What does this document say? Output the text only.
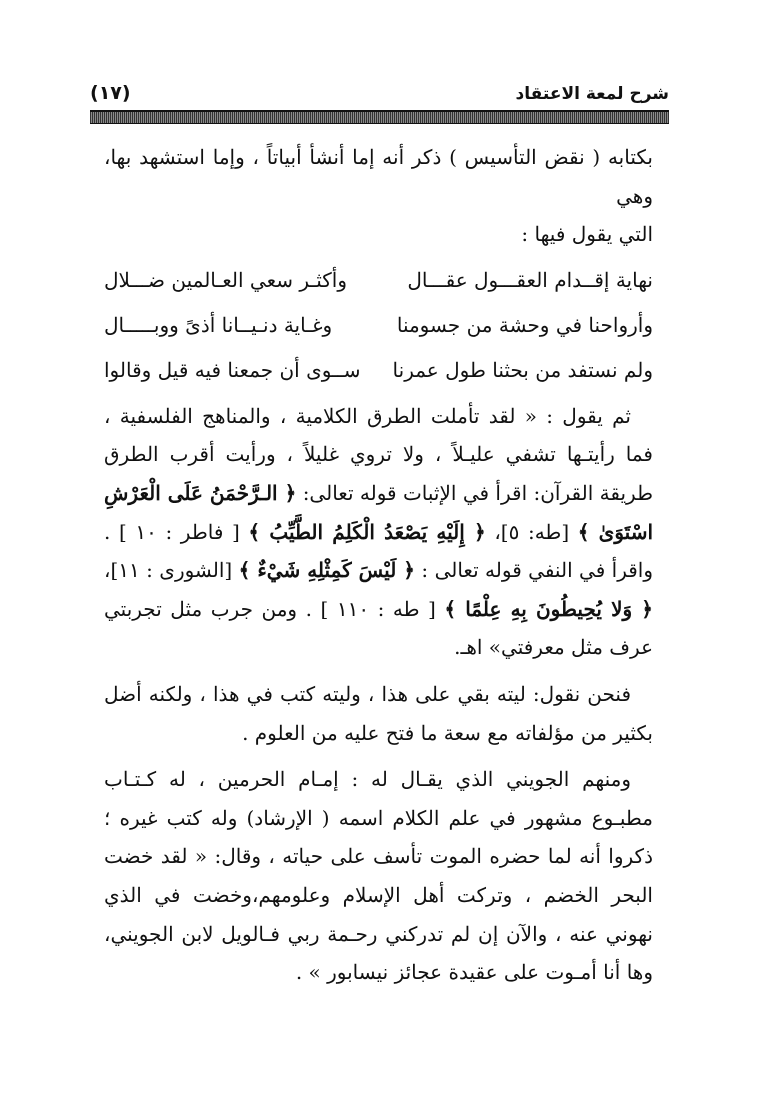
شرح لمعة الاعتقاد
(١٧)

بكتابه ( نقض التأسيس ) ذكر أنه إما أنشأ أبياتاً ، وإما استشهد بها، وهي
التي يقول فيها :

نهاية إقــدام العقـــول عقـــال
وأكثـر سعي العـالمين ضـــلال
وأرواحنا في وحشة من جسومنا
وغـاية دنـيــانا أذىً ووبـــــال
ولم نستفد من بحثنا طول عمرنا
ســوى أن جمعنا فيه قيل وقالوا

ثم يقول : « لقد تأملت الطرق الكلامية ، والمناهج الفلسفية ، فما رأيتـها تشفي عليـلاً ، ولا تروي غليلاً ، ورأيت أقرب الطرق طريقة القرآن: اقرأ في الإثبات قوله تعالى: ﴿ الـرَّحْمَنُ عَلَى الْعَرْشِ اسْتَوَىٰ ﴾ [طه: ٥]، ﴿ إِلَيْهِ يَصْعَدُ الْكَلِمُ الطَّيِّبُ ﴾ [ فاطر : ١٠ ] . واقرأ في النفي قوله تعالى : ﴿ لَيْسَ كَمِثْلِهِ شَيْءٌ ﴾ [الشورى : ١١]، ﴿ وَلا يُحِيطُونَ بِهِ عِلْمًا ﴾ [ طه : ١١٠ ] . ومن جرب مثل تجربتي عرف مثل معرفتي» اهـ.

فنحن نقول: ليته بقي على هذا ، وليته كتب في هذا ، ولكنه أضل بكثير من مؤلفاته مع سعة ما فتح عليه من العلوم .

ومنهم الجويني الذي يقـال له : إمـام الحرمين ، له كـتـاب مطبـوع مشهور في علم الكلام اسمه ( الإرشاد) وله كتب غيره ؛ذكروا أنه لما حضره الموت تأسف على حياته ، وقال: « لقد خضت البحر الخضم ، وتركت أهل الإسلام وعلومهم،وخضت في الذي نهوني عنه ، والآن إن لم تدركني رحـمة ربي فـالويل لابن الجويني، وها أنا أمـوت على عقيدة عجائز نيسابور » .
